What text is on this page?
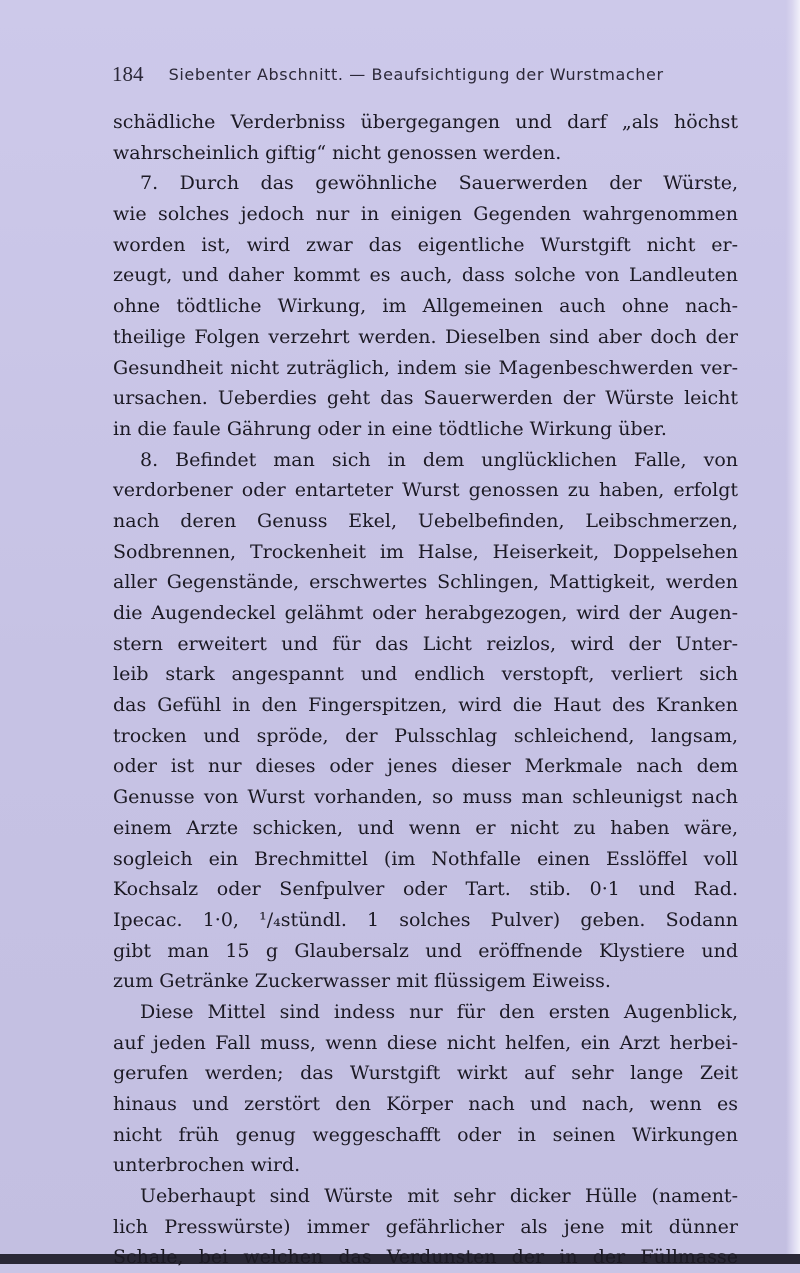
184 Siebenter Abschnitt. — Beaufsichtigung der Wurstmacher
schädliche Verderbniss übergegangen und darf „als höchst
wahrscheinlich giftig“ nicht genossen werden.
7. Durch das gewöhnliche Sauerwerden der Würste,
wie solches jedoch nur in einigen Gegenden wahrgenommen
worden ist, wird zwar das eigentliche Wurstgift nicht er-
zeugt, und daher kommt es auch, dass solche von Landleuten
ohne tödtliche Wirkung, im Allgemeinen auch ohne nach-
theilige Folgen verzehrt werden. Dieselben sind aber doch der
Gesundheit nicht zuträglich, indem sie Magenbeschwerden ver-
ursachen. Ueberdies geht das Sauerwerden der Würste leicht
in die faule Gährung oder in eine tödtliche Wirkung über.
8. Befindet man sich in dem unglücklichen Falle, von
verdorbener oder entarteter Wurst genossen zu haben, erfolgt
nach deren Genuss Ekel, Uebelbefinden, Leibschmerzen,
Sodbrennen, Trockenheit im Halse, Heiserkeit, Doppelsehen
aller Gegenstände, erschwertes Schlingen, Mattigkeit, werden
die Augendeckel gelähmt oder herabgezogen, wird der Augen-
stern erweitert und für das Licht reizlos, wird der Unter-
leib stark angespannt und endlich verstopft, verliert sich
das Gefühl in den Fingerspitzen, wird die Haut des Kranken
trocken und spröde, der Pulsschlag schleichend, langsam,
oder ist nur dieses oder jenes dieser Merkmale nach dem
Genusse von Wurst vorhanden, so muss man schleunigst nach
einem Arzte schicken, und wenn er nicht zu haben wäre,
sogleich ein Brechmittel (im Nothfalle einen Esslöffel voll
Kochsalz oder Senfpulver oder Tart. stib. 0·1 und Rad.
Ipecac. 1·0, ¹/₄stündl. 1 solches Pulver) geben. Sodann
gibt man 15 g Glaubersalz und eröffnende Klystiere und
zum Getränke Zuckerwasser mit flüssigem Eiweiss.
Diese Mittel sind indess nur für den ersten Augenblick,
auf jeden Fall muss, wenn diese nicht helfen, ein Arzt herbei-
gerufen werden; das Wurstgift wirkt auf sehr lange Zeit
hinaus und zerstört den Körper nach und nach, wenn es
nicht früh genug weggeschafft oder in seinen Wirkungen
unterbrochen wird.
Ueberhaupt sind Würste mit sehr dicker Hülle (nament-
lich Presswürste) immer gefährlicher als jene mit dünner
Schale, bei welchen das Verdunsten der in der Füllmasse
